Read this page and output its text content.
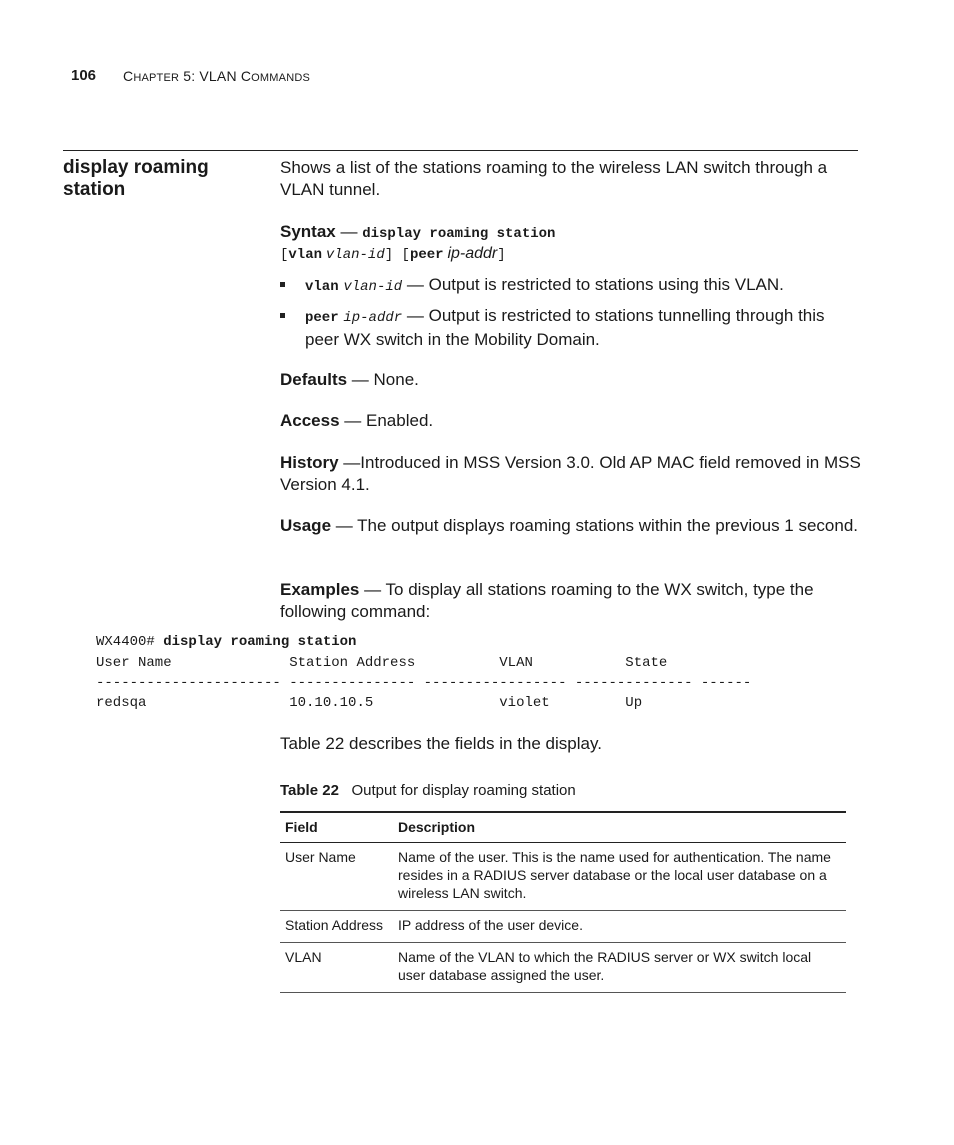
106 CHAPTER 5: VLAN COMMANDS
display roaming
station
Shows a list of the stations roaming to the wireless LAN switch through a VLAN tunnel.
Syntax — display roaming station
[vlan vlan-id] [peer ip-addr]
vlan vlan-id — Output is restricted to stations using this VLAN.
peer ip-addr — Output is restricted to stations tunnelling through this peer WX switch in the Mobility Domain.
Defaults — None.
Access — Enabled.
History —Introduced in MSS Version 3.0. Old AP MAC field removed in MSS Version 4.1.
Usage — The output displays roaming stations within the previous 1 second.
Examples — To display all stations roaming to the WX switch, type the following command:
WX4400# display roaming station
User Name              Station Address          VLAN           State
---------------------- --------------- ----------------- -------------- ------
redsqa                 10.10.10.5               violet         Up
Table 22 describes the fields in the display.
Table 22 Output for display roaming station
Field	Description
User Name	Name of the user. This is the name used for authentication. The name resides in a RADIUS server database or the local user database on a wireless LAN switch.
Station Address	IP address of the user device.
VLAN	Name of the VLAN to which the RADIUS server or WX switch local user database assigned the user.
